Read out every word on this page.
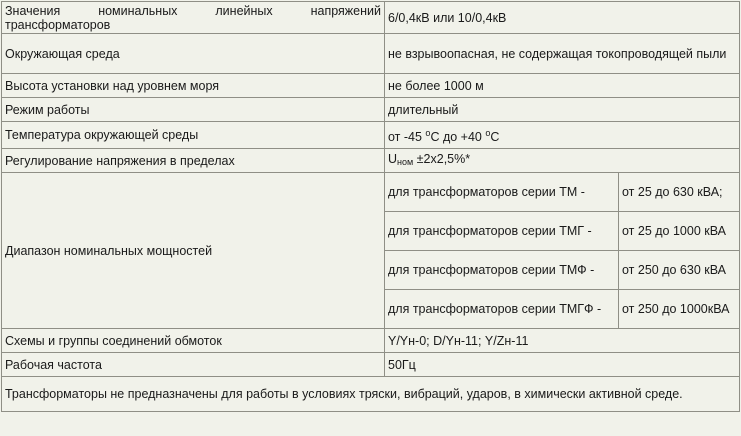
Значения номинальных линейных напряжений трансформаторов	6/0,4кВ или 10/0,4кВ	
Окружающая среда	не взрывоопасная, не содержащая токопроводящей пыли	
Высота установки над уровнем моря	не более 1000 м	
Режим работы	длительный	
Температура окружающей среды	от -45 $^о$С до +40 $^о$С	
Регулирование напряжения в пределах	$U_{ном} \pm 2х2,5\%*$	
Диапазон номинальных мощностей	для трансформаторов серии ТМ -	от 25 до 630 кВА;
	для трансформаторов серии ТМГ -	от 25 до 1000 кВА
	для трансформаторов серии ТМФ -	от 250 до 630 кВА
	для трансформаторов серии ТМГФ -	от 250 до 1000кВА
Схемы и группы соединений обмоток	Y/Yн-0; D/Yн-11; Y/Zн-11	
Рабочая частота	50Гц	
Трансформаторы не предназначены для работы в условиях тряски, вибраций, ударов, в химически активной среде.		
